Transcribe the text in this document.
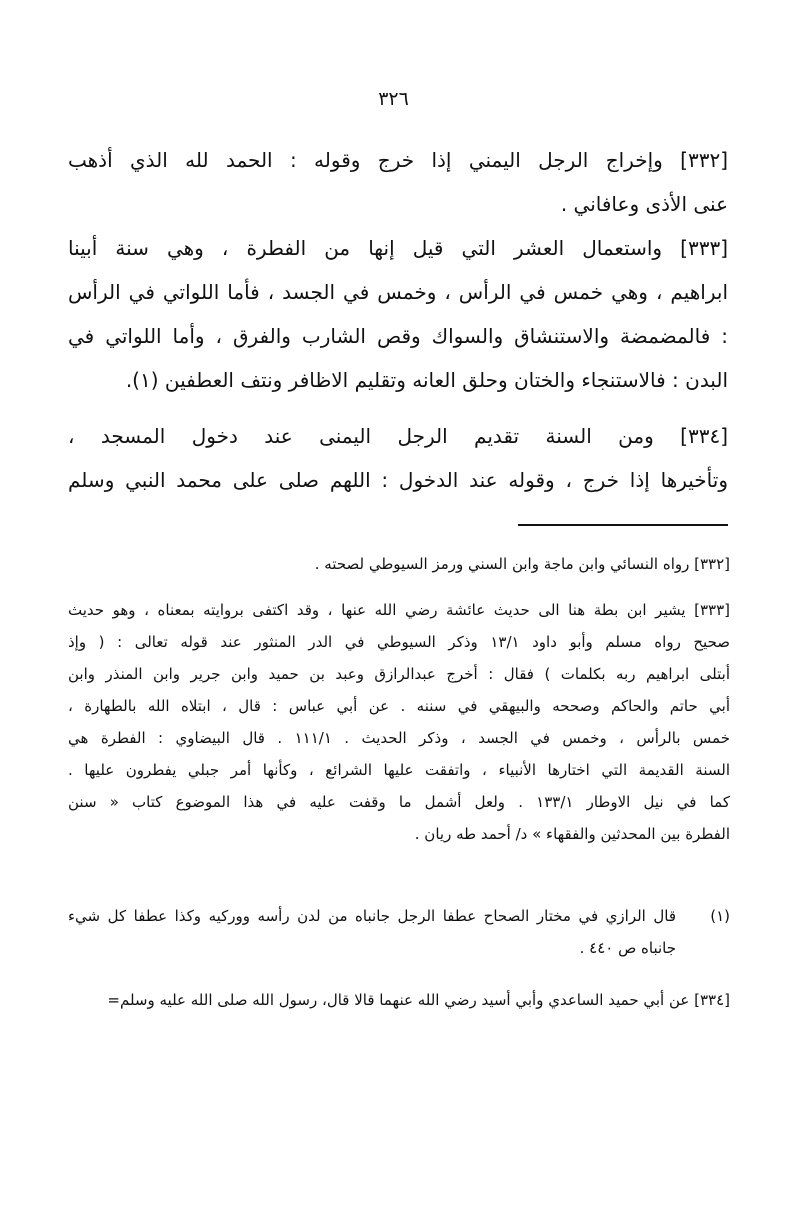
٣٢٦
[٣٣٢] وإخراج الرجل اليمني إذا خرج وقوله : الحمد لله الذي أذهب
عنى الأذى وعافاني .
[٣٣٣] واستعمال العشر التي قيل إنها من الفطرة ، وهي سنة أبينا
ابراهيم ، وهي خمس في الرأس ، وخمس في الجسد ، فأما اللواتي في الرأس
: فالمضمضة والاستنشاق والسواك وقص الشارب والفرق ، وأما اللواتي في
البدن : فالاستنجاء والختان وحلق العانه وتقليم الاظافر ونتف العطفين (١).
[٣٣٤] ومن السنة تقديم الرجل اليمنى عند دخول المسجد ،
وتأخيرها إذا خرج ، وقوله عند الدخول : اللهم صلى على محمد النبي وسلم
[٣٣٢] رواه النسائي وابن ماجة وابن السني ورمز السيوطي لصحته .
[٣٣٣] يشير ابن بطة هنا الى حديث عائشة رضي الله عنها ، وقد اكتفى بروايته بمعناه ، وهو حديث
صحيح رواه مسلم وأبو داود ١٣/١ وذكر السيوطي في الدر المنثور عند قوله تعالى : ( وإذ
أبتلى ابراهيم ربه بكلمات ) فقال : أخرج عبدالرازق وعبد بن حميد وابن جرير وابن المنذر وابن
أبي حاتم والحاكم وصححه والبيهقي في سننه . عن أبي عباس : قال ، ابتلاه الله بالطهارة ،
خمس بالرأس ، وخمس في الجسد ، وذكر الحديث . ١١١/١ . قال البيضاوي : الفطرة هي
السنة القديمة التي اختارها الأنبياء ، واتفقت عليها الشرائع ، وكأنها أمر جبلي يفطرون عليها .
كما في نيل الاوطار ١٣٣/١ . ولعل أشمل ما وقفت عليه في هذا الموضوع كتاب « سنن
الفطرة بين المحدثين والفقهاء » د/ أحمد طه ريان .
(١)
قال الرازي في مختار الصحاح عطفا الرجل جانباه من لدن رأسه ووركيه وكذا عطفا كل شيء
جانباه ص ٤٤٠ .
[٣٣٤] عن أبي حميد الساعدي وأبي أسيد رضي الله عنهما قالا قال، رسول الله صلى الله عليه وسلم=
